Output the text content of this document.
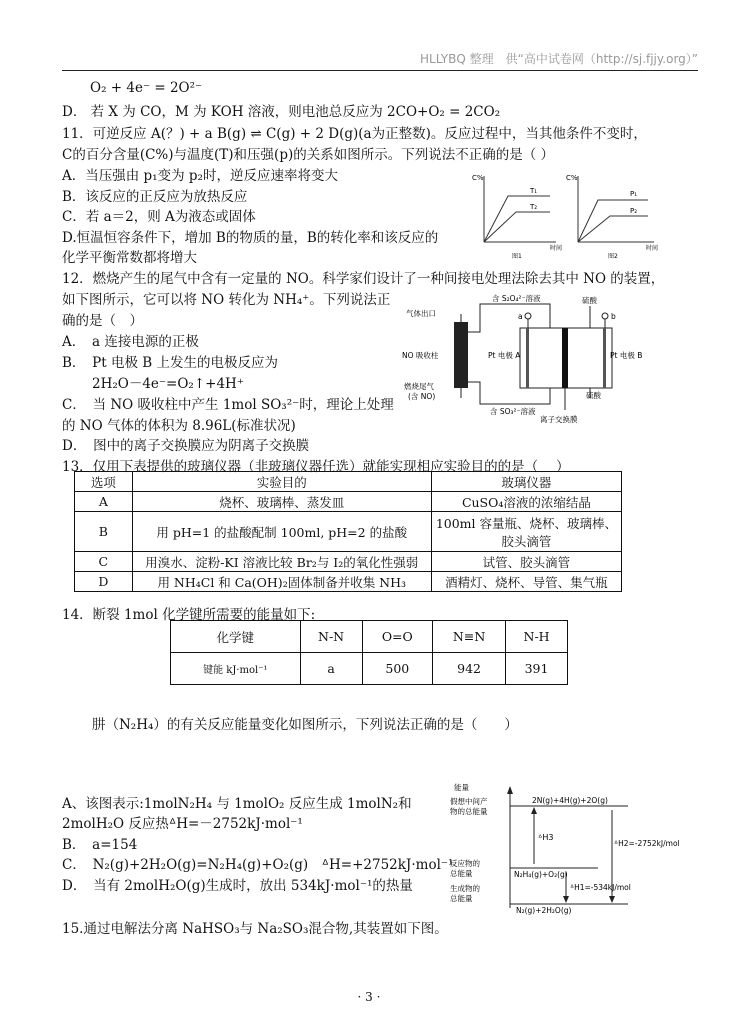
HLLYBQ 整理　供“高中试卷网（http://sj.fjjy.org）”
O₂ + 4e⁻ = 2O²⁻
D． 若 X 为 CO，M 为 KOH 溶液，则电池总反应为 2CO+O₂ = 2CO₂
11．可逆反应 A(？) + a B(g) ⇌ C(g) + 2 D(g)(a为正整数)。反应过程中，当其他条件不变时，
C的百分含量(C%)与温度(T)和压强(p)的关系如图所示。下列说法不正确的是（ ）
A．当压强由 p₁变为 p₂时，逆反应速率将变大
B．该反应的正反应为放热反应
C．若 a＝2，则 A为液态或固体
D.恒温恒容条件下，增加 B的物质的量，B的转化率和该反应的
化学平衡常数都将增大
C%
时间
T₁
T₂
图1
C%
时间
P₁
P₂
图2
12．燃烧产生的尾气中含有一定量的 NO。科学家们设计了一种间接电处理法除去其中 NO 的装置，
如下图所示，它可以将 NO 转化为 NH₄⁺。下列说法正
确的是（　）
A．　a 连接电源的正极
B．　Pt 电极 B 上发生的电极反应为
2H₂O－4e⁻=O₂↑+4H⁺
C．　当 NO 吸收柱中产生 1mol SO₃²⁻时，理论上处理
的 NO 气体的体积为 8.96L(标准状况)
D．　图中的离子交换膜应为阴离子交换膜
气体出口
含 S₂O₄²⁻溶液	硫酸
a	b
NO 吸收柱	Pt 电极 A	Pt 电极 B
燃烧尾气
(含 NO)	硫酸
含 SO₃²⁻溶液
离子交换膜
13．仅用下表提供的玻璃仪器（非玻璃仪器任选）就能实现相应实验目的的是（　 ）
选项	实验目的	玻璃仪器
A	烧杯、玻璃棒、蒸发皿	CuSO₄溶液的浓缩结晶
B	用 pH=1 的盐酸配制 100ml, pH=2 的盐酸	100ml 容量瓶、烧杯、玻璃棒、
胶头滴管

C	用溴水、淀粉-KI 溶液比较 Br₂与 I₂的氧化性强弱	试管、胶头滴管
D	用 NH₄Cl 和 Ca(OH)₂固体制备并收集 NH₃	酒精灯、烧杯、导管、集气瓶
14．断裂 1mol 化学键所需要的能量如下:
化学键	N-N	O=O	N≡N	N-H
键能 kJ·mol⁻¹	a	500	942	391
肼（N₂H₄）的有关反应能量变化如图所示，下列说法正确的是（　　）
A、该图表示:1molN₂H₄ 与 1molO₂ 反应生成 1molN₂和
2molH₂O 反应热ᐞH=－2752kJ·mol⁻¹
B．　a=154
C．　N₂(g)+2H₂O(g)=N₂H₄(g)+O₂(g)　ᐞH=+2752kJ·mol⁻¹
D．　当有 2molH₂O(g)生成时，放出 534kJ·mol⁻¹的热量
能量
假想中间产
物的总能量
2N(g)+4H(g)+2O(g)
ᐞH3
ᐞH2=-2752kJ/mol
反应物的
总能量	N₂H₄(g)+O₂(g)
ᐞH1=-534kJ/mol
生成物的
总能量
N₂(g)+2H₂O(g)
15.通过电解法分离 NaHSO₃与 Na₂SO₃混合物,其装置如下图。
· 3 ·
